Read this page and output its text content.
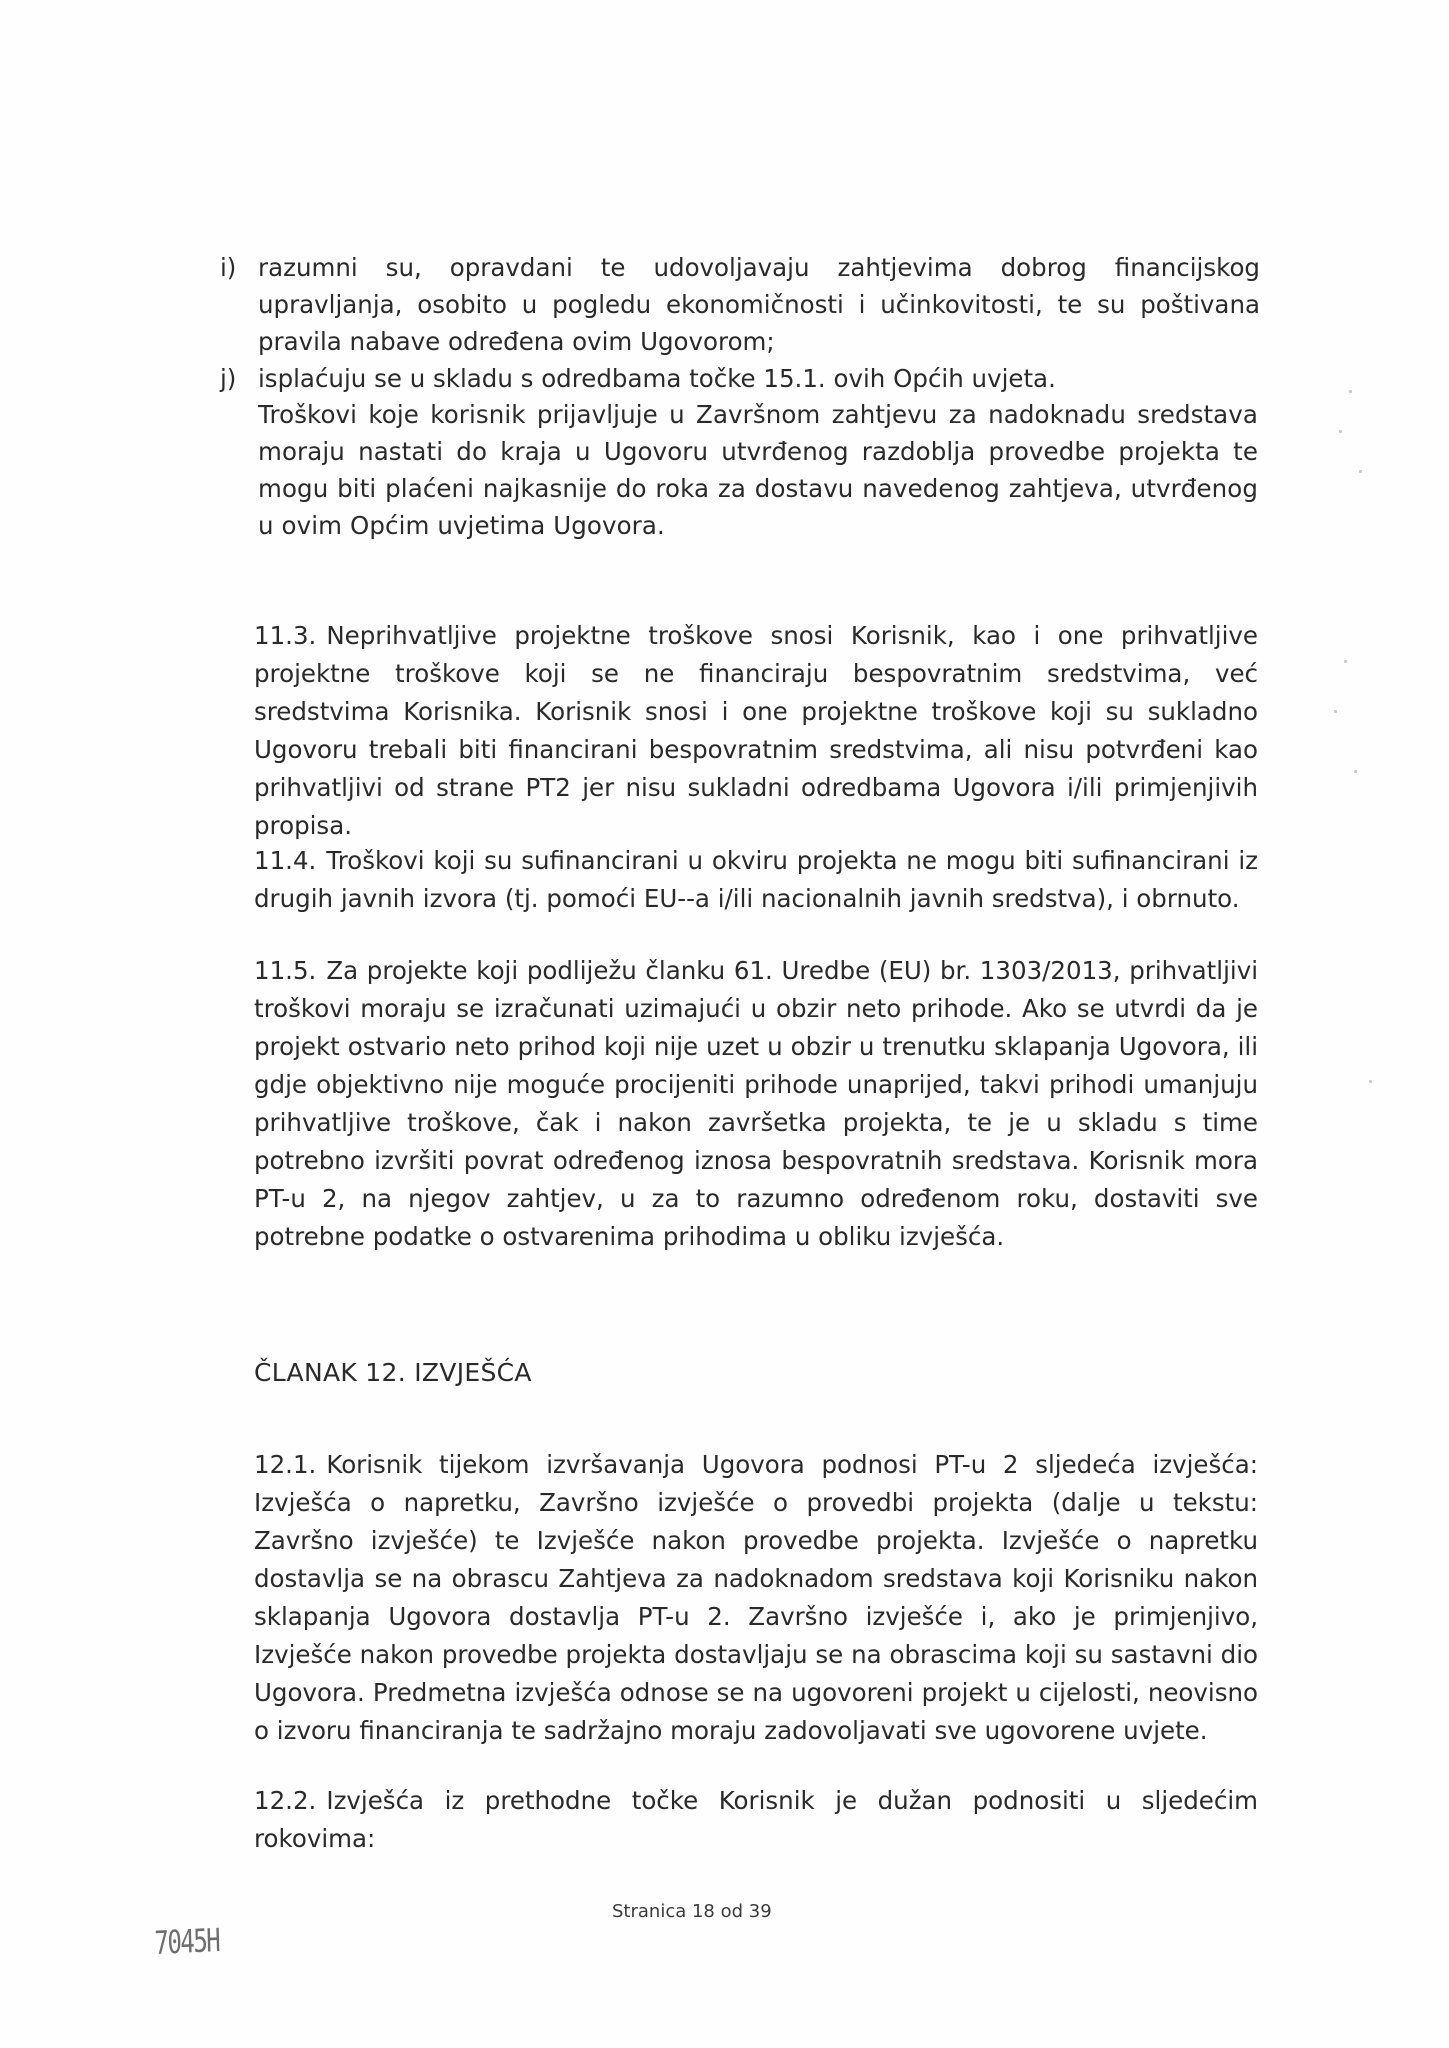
i) razumni su, opravdani te udovoljavaju zahtjevima dobrog financijskog upravljanja, osobito u pogledu ekonomičnosti i učinkovitosti, te su poštivana pravila nabave određena ovim Ugovorom;
j) isplaćuju se u skladu s odredbama točke 15.1. ovih Općih uvjeta.
Troškovi koje korisnik prijavljuje u Završnom zahtjevu za nadoknadu sredstava moraju nastati do kraja u Ugovoru utvrđenog razdoblja provedbe projekta te mogu biti plaćeni najkasnije do roka za dostavu navedenog zahtjeva, utvrđenog u ovim Općim uvjetima Ugovora.
11.3. Neprihvatljive projektne troškove snosi Korisnik, kao i one prihvatljive projektne troškove koji se ne financiraju bespovratnim sredstvima, već sredstvima Korisnika. Korisnik snosi i one projektne troškove koji su sukladno Ugovoru trebali biti financirani bespovratnim sredstvima, ali nisu potvrđeni kao prihvatljivi od strane PT2 jer nisu sukladni odredbama Ugovora i/ili primjenjivih propisa.
11.4. Troškovi koji su sufinancirani u okviru projekta ne mogu biti sufinancirani iz drugih javnih izvora (tj. pomoći EU--a i/ili nacionalnih javnih sredstva), i obrnuto.
11.5. Za projekte koji podliježu članku 61. Uredbe (EU) br. 1303/2013, prihvatljivi troškovi moraju se izračunati uzimajući u obzir neto prihode. Ako se utvrdi da je projekt ostvario neto prihod koji nije uzet u obzir u trenutku sklapanja Ugovora, ili gdje objektivno nije moguće procijeniti prihode unaprijed, takvi prihodi umanjuju prihvatljive troškove, čak i nakon završetka projekta, te je u skladu s time potrebno izvršiti povrat određenog iznosa bespovratnih sredstava. Korisnik mora PT-u 2, na njegov zahtjev, u za to razumno određenom roku, dostaviti sve potrebne podatke o ostvarenima prihodima u obliku izvješća.
ČLANAK 12. IZVJEŠĆA
12.1. Korisnik tijekom izvršavanja Ugovora podnosi PT-u 2 sljedeća izvješća: Izvješća o napretku, Završno izvješće o provedbi projekta (dalje u tekstu: Završno izvješće) te Izvješće nakon provedbe projekta. Izvješće o napretku dostavlja se na obrascu Zahtjeva za nadoknadom sredstava koji Korisniku nakon sklapanja Ugovora dostavlja PT-u 2. Završno izvješće i, ako je primjenjivo, Izvješće nakon provedbe projekta dostavljaju se na obrascima koji su sastavni dio Ugovora. Predmetna izvješća odnose se na ugovoreni projekt u cijelosti, neovisno o izvoru financiranja te sadržajno moraju zadovoljavati sve ugovorene uvjete.
12.2. Izvješća iz prethodne točke Korisnik je dužan podnositi u sljedećim rokovima:
Stranica 18 od 39
7045H
